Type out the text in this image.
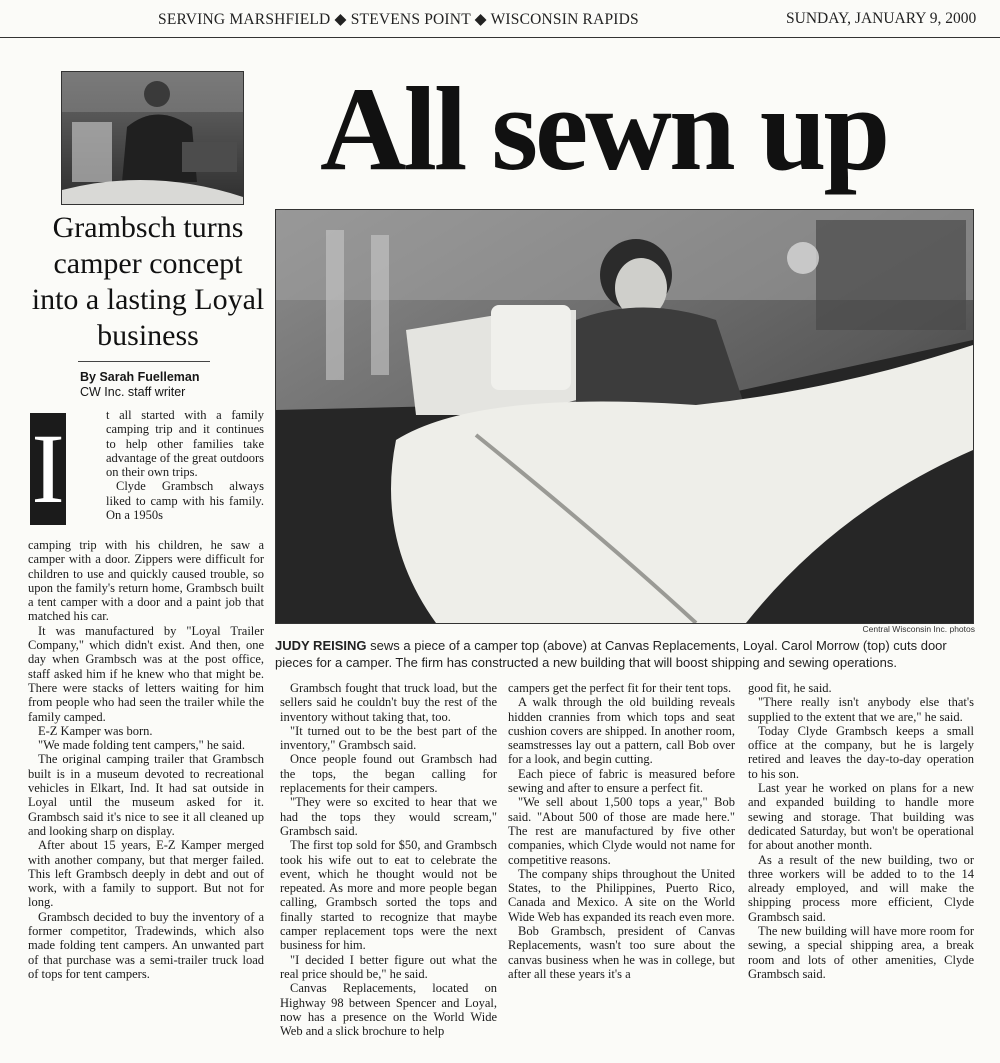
SERVING MARSHFIELD ◆ STEVENS POINT ◆ WISCONSIN RAPIDS	SUNDAY, JANUARY 9, 2000
All sewn up
Central Wisconsin Inc. photos
JUDY REISING sews a piece of a camper top (above) at Canvas Replacements, Loyal. Carol Morrow (top) cuts door pieces for a camper. The firm has constructed a new building that will boost shipping and sewing operations.
Grambsch turns camper concept into a lasting Loyal business
By Sarah Fuelleman
CW Inc. staff writer
I	t all started with a family camping trip and it continues to help other families take advantage of the great outdoors on their own trips.

Clyde Grambsch always liked to camp with his family. On a 1950s

camping trip with his children, he saw a camper with a door. Zippers were difficult for children to use and quickly caused trouble, so upon the family's return home, Grambsch built a tent camper with a door and a paint job that matched his car.

It was manufactured by "Loyal Trailer Company," which didn't exist. And then, one day when Grambsch was at the post office, staff asked him if he knew who that might be. There were stacks of letters waiting for him from people who had seen the trailer while the family camped.

E-Z Kamper was born.

"We made folding tent campers," he said.

The original camping trailer that Grambsch built is in a museum devoted to recreational vehicles in Elkart, Ind. It had sat outside in Loyal until the museum asked for it. Grambsch said it's nice to see it all cleaned up and looking sharp on display.

After about 15 years, E-Z Kamper merged with another company, but that merger failed. This left Grambsch deeply in debt and out of work, with a family to support. But not for long.

Grambsch decided to buy the inventory of a former competitor, Tradewinds, which also made folding tent campers. An unwanted part of that purchase was a semi-trailer truck load of tops for tent campers.

Grambsch fought that truck load, but the sellers said he couldn't buy the rest of the inventory without taking that, too.

"It turned out to be the best part of the inventory," Grambsch said.

Once people found out Grambsch had the tops, the began calling for replacements for their campers.

"They were so excited to hear that we had the tops they would scream," Grambsch said.

The first top sold for $50, and Grambsch took his wife out to eat to celebrate the event, which he thought would not be repeated. As more and more people began calling, Grambsch sorted the tops and finally started to recognize that maybe camper replacement tops were the next business for him.

"I decided I better figure out what the real price should be," he said.

Canvas Replacements, located on Highway 98 between Spencer and Loyal, now has a presence on the World Wide Web and a slick brochure to help

campers get the perfect fit for their tent tops.

A walk through the old building reveals hidden crannies from which tops and seat cushion covers are shipped. In another room, seamstresses lay out a pattern, call Bob over for a look, and begin cutting.

Each piece of fabric is measured before sewing and after to ensure a perfect fit.

"We sell about 1,500 tops a year," Bob said. "About 500 of those are made here." The rest are manufactured by five other companies, which Clyde would not name for competitive reasons.

The company ships throughout the United States, to the Philippines, Puerto Rico, Canada and Mexico. A site on the World Wide Web has expanded its reach even more.

Bob Grambsch, president of Canvas Replacements, wasn't too sure about the canvas business when he was in college, but after all these years it's a

good fit, he said.

"There really isn't anybody else that's supplied to the extent that we are," he said.

Today Clyde Grambsch keeps a small office at the company, but he is largely retired and leaves the day-to-day operation to his son.

Last year he worked on plans for a new and expanded building to handle more sewing and storage. That building was dedicated Saturday, but won't be operational for about another month.

As a result of the new building, two or three workers will be added to to the 14 already employed, and will make the shipping process more efficient, Clyde Grambsch said.

The new building will have more room for sewing, a special shipping area, a break room and lots of other amenities, Clyde Grambsch said.
